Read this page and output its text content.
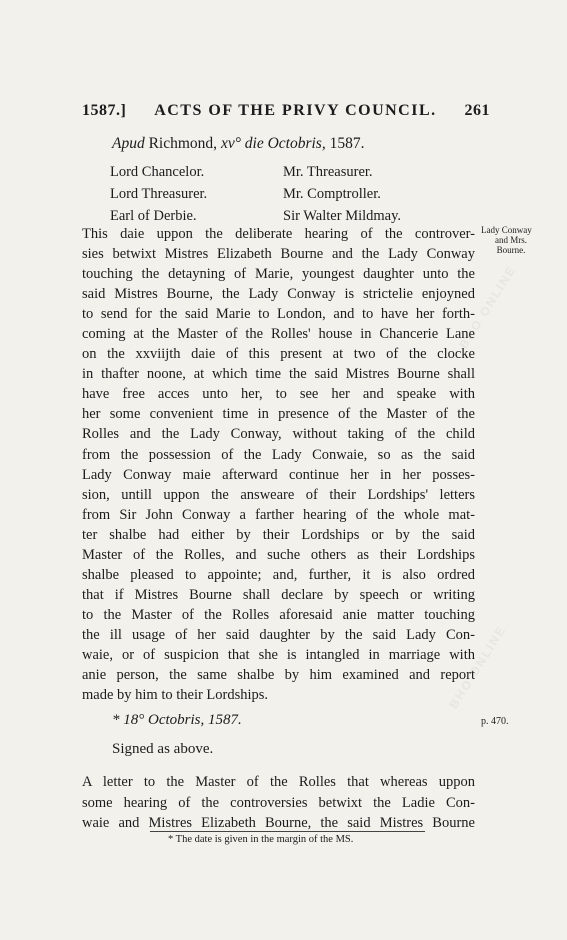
BHO ONLINE
BHO ONLINE
1587.] ACTS OF THE PRIVY COUNCIL. 261
Apud Richmond, xv° die Octobris, 1587.
Lord Chancelor.	Mr. Threasurer.
Lord Threasurer.	Mr. Comptroller.
Earl of Derbie.	Sir Walter Mildmay.
Lady Conway
and Mrs.
Bourne.
This daie uppon the deliberate hearing of the controver-
sies betwixt Mistres Elizabeth Bourne and the Lady Conway
touching the detayning of Marie, youngest daughter unto the
said Mistres Bourne, the Lady Conway is strictelie enjoyned
to send for the said Marie to London, and to have her forth-
coming at the Master of the Rolles' house in Chancerie Lane
on the xxviijth daie of this present at two of the clocke
in thafter noone, at which time the said Mistres Bourne shall
have free acces unto her, to see her and speake with
her some convenient time in presence of the Master of the
Rolles and the Lady Conway, without taking of the child
from the possession of the Lady Conwaie, so as the said
Lady Conway maie afterward continue her in her posses-
sion, untill uppon the answeare of their Lordships' letters
from Sir John Conway a farther hearing of the whole mat-
ter shalbe had either by their Lordships or by the said
Master of the Rolles, and suche others as their Lordships
shalbe pleased to appointe; and, further, it is also ordred
that if Mistres Bourne shall declare by speech or writing
to the Master of the Rolles aforesaid anie matter touching
the ill usage of her said daughter by the said Lady Con-
waie, or of suspicion that she is intangled in marriage with
anie person, the same shalbe by him examined and report
made by him to their Lordships.
* 18° Octobris, 1587.	p. 470.
Signed as above.
A letter to the Master of the Rolles that whereas uppon
some hearing of the controversies betwixt the Ladie Con-
waie and Mistres Elizabeth Bourne, the said Mistres Bourne
* The date is given in the margin of the MS.
